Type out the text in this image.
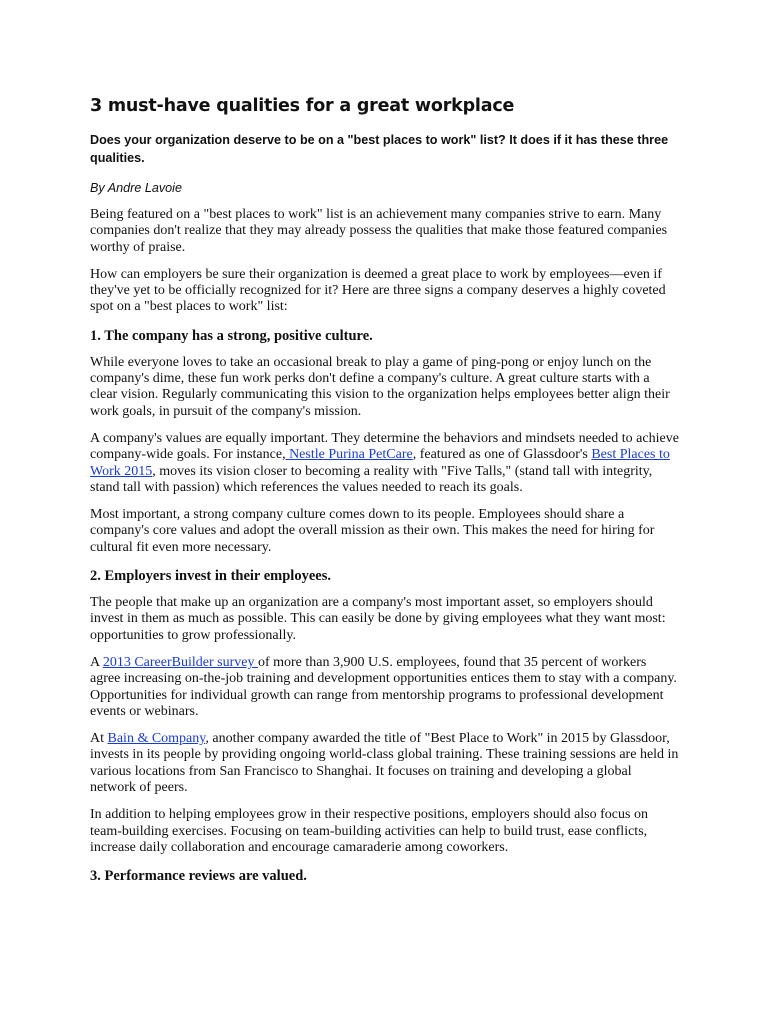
3 must-have qualities for a great workplace
Does your organization deserve to be on a "best places to work" list? It does if it has these three qualities.
By Andre Lavoie

Being featured on a "best places to work" list is an achievement many companies strive to earn. Many companies don't realize that they may already possess the qualities that make those featured companies worthy of praise.

How can employers be sure their organization is deemed a great place to work by employees—even if they've yet to be officially recognized for it? Here are three signs a company deserves a highly coveted spot on a "best places to work" list:

1. The company has a strong, positive culture.

While everyone loves to take an occasional break to play a game of ping-pong or enjoy lunch on the company's dime, these fun work perks don't define a company's culture. A great culture starts with a clear vision. Regularly communicating this vision to the organization helps employees better align their work goals, in pursuit of the company's mission.

A company's values are equally important. They determine the behaviors and mindsets needed to achieve company-wide goals. For instance, Nestle Purina PetCare, featured as one of Glassdoor's Best Places to Work 2015, moves its vision closer to becoming a reality with "Five Talls," (stand tall with integrity, stand tall with passion) which references the values needed to reach its goals.

Most important, a strong company culture comes down to its people. Employees should share a company's core values and adopt the overall mission as their own. This makes the need for hiring for cultural fit even more necessary.

2. Employers invest in their employees.

The people that make up an organization are a company's most important asset, so employers should invest in them as much as possible. This can easily be done by giving employees what they want most: opportunities to grow professionally.

A 2013 CareerBuilder survey of more than 3,900 U.S. employees, found that 35 percent of workers agree increasing on-the-job training and development opportunities entices them to stay with a company. Opportunities for individual growth can range from mentorship programs to professional development events or webinars.

At Bain & Company, another company awarded the title of "Best Place to Work" in 2015 by Glassdoor, invests in its people by providing ongoing world-class global training. These training sessions are held in various locations from San Francisco to Shanghai. It focuses on training and developing a global network of peers.

In addition to helping employees grow in their respective positions, employers should also focus on team-building exercises. Focusing on team-building activities can help to build trust, ease conflicts, increase daily collaboration and encourage camaraderie among coworkers.

3. Performance reviews are valued.
